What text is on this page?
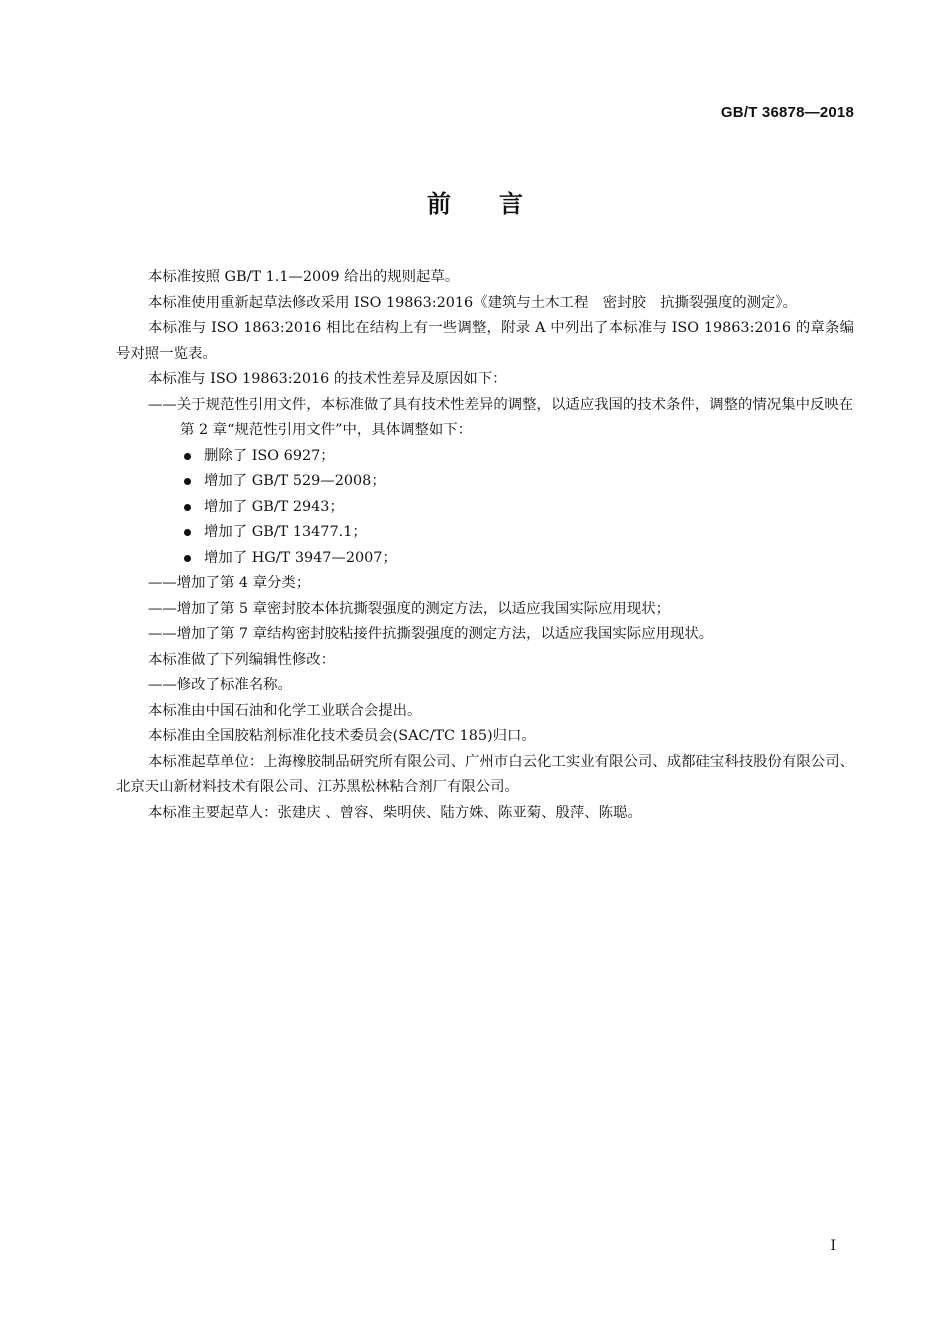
GB/T 36878—2018
前 言

本标准按照 GB/T 1.1—2009 给出的规则起草。

本标准使用重新起草法修改采用 ISO 19863:2016《建筑与土木工程　密封胶　抗撕裂强度的测定》。

本标准与 ISO 1863:2016 相比在结构上有一些调整，附录 A 中列出了本标准与 ISO 19863:2016 的章条编号对照一览表。

本标准与 ISO 19863:2016 的技术性差异及原因如下：

——关于规范性引用文件，本标准做了具有技术性差异的调整，以适应我国的技术条件，调整的情况集中反映在第 2 章“规范性引用文件”中，具体调整如下：

删除了 ISO 6927；

增加了 GB/T 529—2008；

增加了 GB/T 2943；

增加了 GB/T 13477.1；

增加了 HG/T 3947—2007；

——增加了第 4 章分类；

——增加了第 5 章密封胶本体抗撕裂强度的测定方法，以适应我国实际应用现状；

——增加了第 7 章结构密封胶粘接件抗撕裂强度的测定方法，以适应我国实际应用现状。

本标准做了下列编辑性修改：

——修改了标准名称。

本标准由中国石油和化学工业联合会提出。

本标准由全国胶粘剂标准化技术委员会(SAC/TC 185)归口。

本标准起草单位：上海橡胶制品研究所有限公司、广州市白云化工实业有限公司、成都硅宝科技股份有限公司、北京天山新材料技术有限公司、江苏黑松林粘合剂厂有限公司。

本标准主要起草人：张建庆 、曾容、柴明侠、陆方姝、陈亚菊、殷萍、陈聪。

I
